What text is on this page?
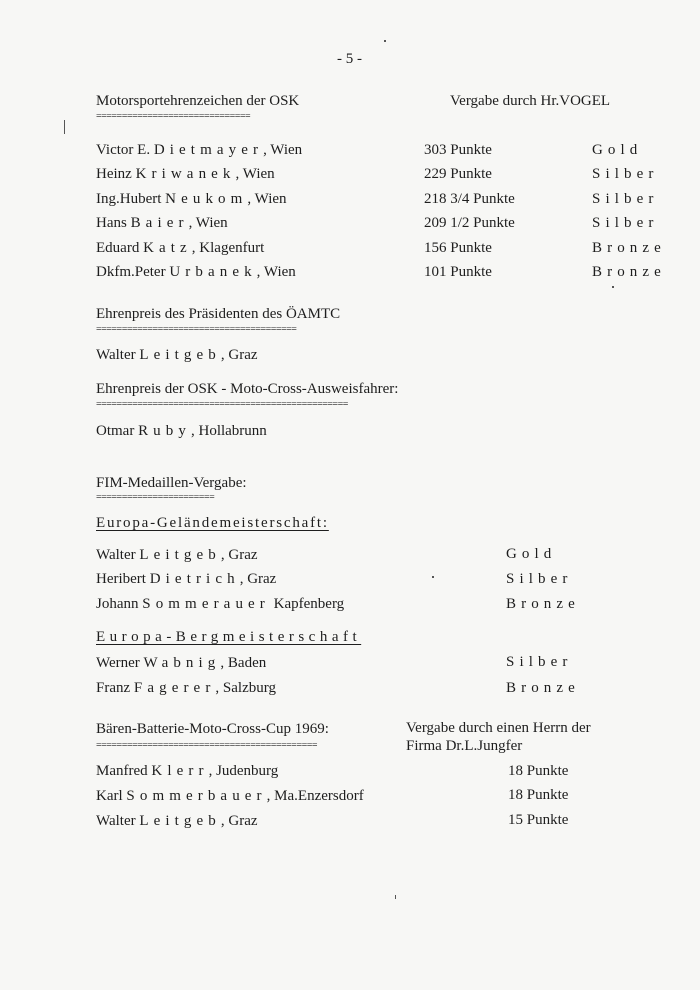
- 5 -
Motorsportehrenzeichen der OSK	Vergabe durch Hr.VOGEL
==============================
Victor E. Dietmayer, Wien	303 Punkte	Gold
Heinz Kriwanek, Wien	229 Punkte	Silber
Ing.Hubert Neukom, Wien	218 3/4 Punkte	Silber
Hans Baier, Wien	209 1/2 Punkte	Silber
Eduard Katz, Klagenfurt	156 Punkte	Bronze
Dkfm.Peter Urbanek, Wien	101 Punkte	Bronze
Ehrenpreis des Präsidenten des ÖAMTC
=======================================
Walter Leitgeb, Graz
Ehrenpreis der OSK - Moto-Cross-Ausweisfahrer:
=================================================
Otmar Ruby, Hollabrunn
FIM-Medaillen-Vergabe:
=======================
Europa-Geländemeisterschaft:
Walter Leitgeb, Graz	Gold
Heribert Dietrich, Graz	Silber
Johann Sommerauer Kapfenberg	Bronze
Europa-Bergmeisterschaft
Werner Wabnig, Baden	Silber
Franz Fagerer, Salzburg	Bronze
Bären-Batterie-Moto-Cross-Cup 1969:
===========================================
Vergabe durch einen Herrn der
Firma Dr.L.Jungfer
Manfred Klerr, Judenburg	18 Punkte
Karl Sommerbauer, Ma.Enzersdorf	18 Punkte
Walter Leitgeb, Graz	15 Punkte
